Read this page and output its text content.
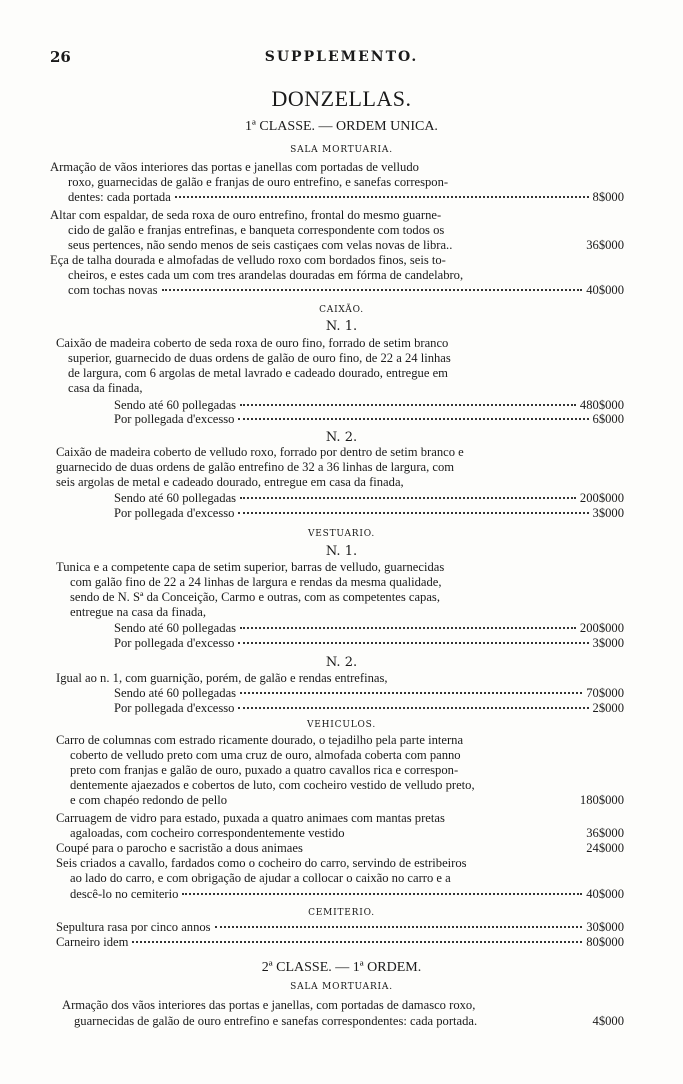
26	SUPPLEMENTO.
DONZELLAS.
1ª CLASSE. — ORDEM UNICA.
SALA MORTUARIA.
Armação de vãos interiores das portas e janellas com portadas de velludo
roxo, guarnecidas de galão e franjas de ouro entrefino, e sanefas correspon-
dentes: cada portada	8$000
Altar com espaldar, de seda roxa de ouro entrefino, frontal do mesmo guarne-
cido de galão e franjas entrefinas, e banqueta correspondente com todos os
seus pertences, não sendo menos de seis castiçaes com velas novas de libra..	36$000
Eça de talha dourada e almofadas de velludo roxo com bordados finos, seis to-
cheiros, e estes cada um com tres arandelas douradas em fórma de candelabro,
com tochas novas	40$000
CAIXÃO.
N. 1.
Caixão de madeira coberto de seda roxa de ouro fino, forrado de setim branco
superior, guarnecido de duas ordens de galão de ouro fino, de 22 a 24 linhas
de largura, com 6 argolas de metal lavrado e cadeado dourado, entregue em
casa da finada,
Sendo até 60 pollegadas	480$000
Por pollegada d'excesso	6$000
N. 2.
Caixão de madeira coberto de velludo roxo, forrado por dentro de setim branco e
guarnecido de duas ordens de galão entrefino de 32 a 36 linhas de largura, com
seis argolas de metal e cadeado dourado, entregue em casa da finada,
Sendo até 60 pollegadas	200$000
Por pollegada d'excesso	3$000
VESTUARIO.
N. 1.
Tunica e a competente capa de setim superior, barras de velludo, guarnecidas
com galão fino de 22 a 24 linhas de largura e rendas da mesma qualidade,
sendo de N. Sª da Conceição, Carmo e outras, com as competentes capas,
entregue na casa da finada,
Sendo até 60 pollegadas	200$000
Por pollegada d'excesso	3$000
N. 2.
Igual ao n. 1, com guarnição, porém, de galão e rendas entrefinas,
Sendo até 60 pollegadas	70$000
Por pollegada d'excesso	2$000
VEHICULOS.
Carro de columnas com estrado ricamente dourado, o tejadilho pela parte interna
coberto de velludo preto com uma cruz de ouro, almofada coberta com panno
preto com franjas e galão de ouro, puxado a quatro cavallos rica e correspon-
dentemente ajaezados e cobertos de luto, com cocheiro vestido de velludo preto,
e com chapéo redondo de pello	180$000
Carruagem de vidro para estado, puxada a quatro animaes com mantas pretas
agaloadas, com cocheiro correspondentemente vestido	36$000
Coupé para o parocho e sacristão a dous animaes	24$000
Seis criados a cavallo, fardados como o cocheiro do carro, servindo de estribeiros
ao lado do carro, e com obrigação de ajudar a collocar o caixão no carro e a
descê-lo no cemiterio	40$000
CEMITERIO.
Sepultura rasa por cinco annos	30$000
Carneiro idem	80$000
2ª CLASSE. — 1ª ORDEM.
SALA MORTUARIA.
Armação dos vãos interiores das portas e janellas, com portadas de damasco roxo,
guarnecidas de galão de ouro entrefino e sanefas correspondentes: cada portada.	4$000
